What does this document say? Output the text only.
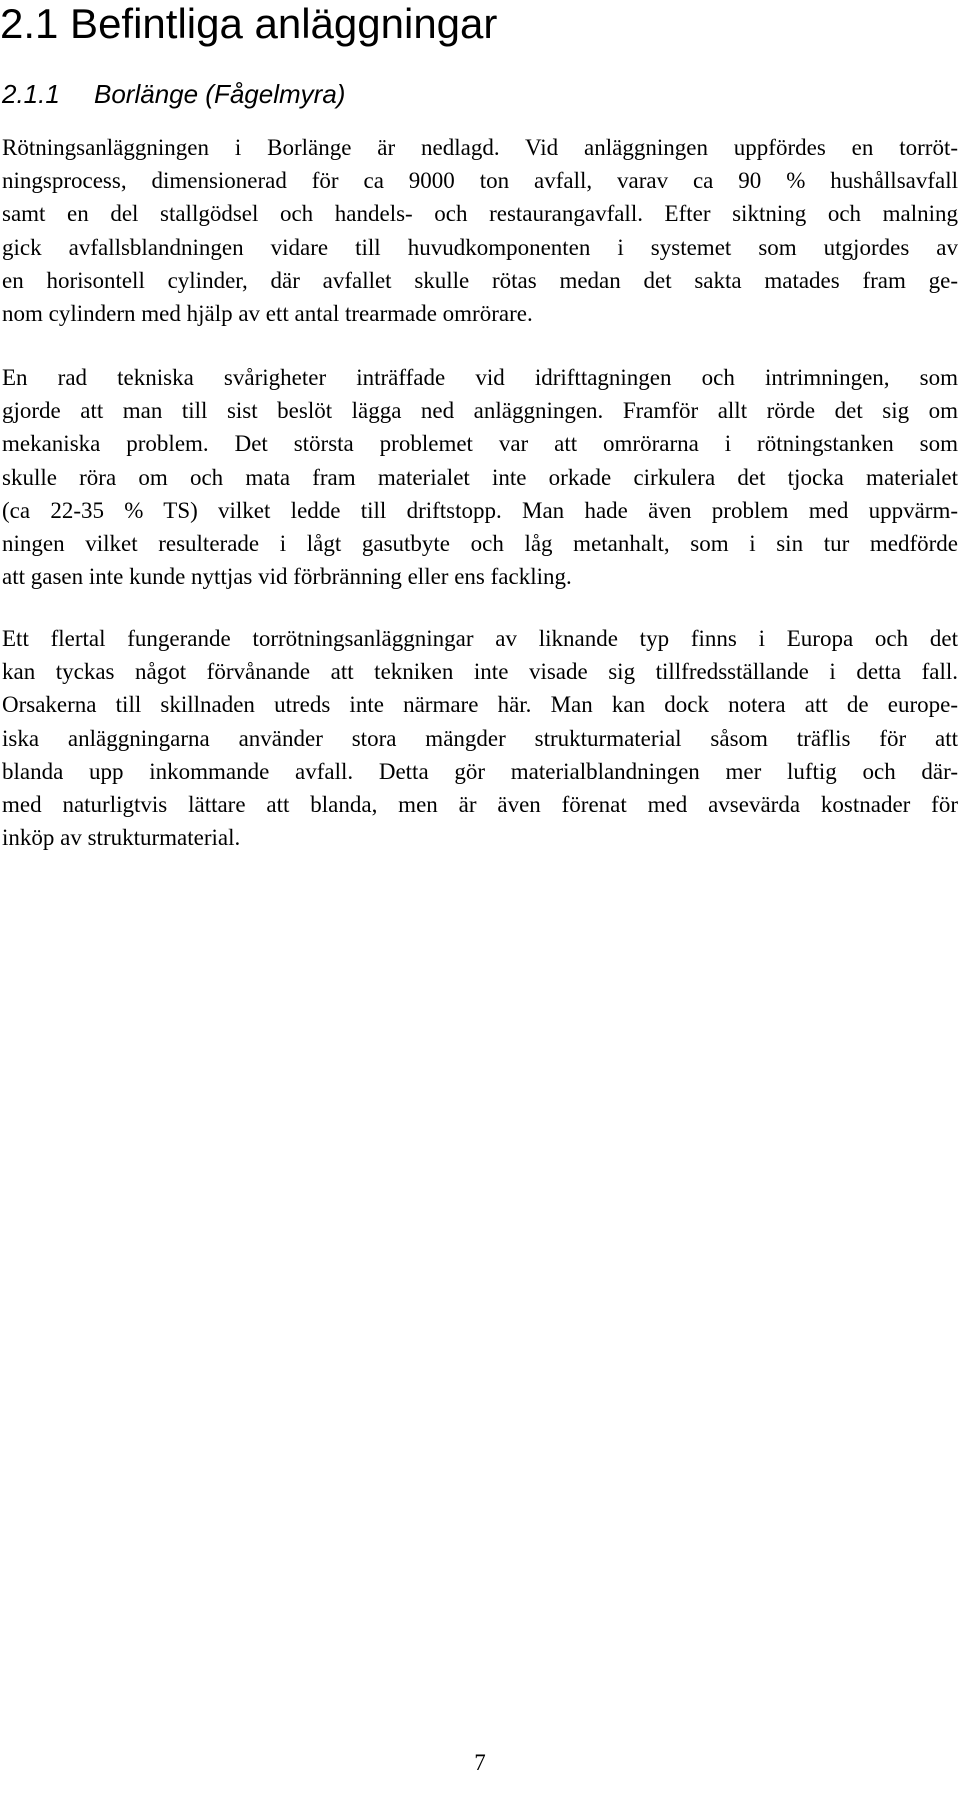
2.1 Befintliga anläggningar
2.1.1 Borlänge (Fågelmyra)

Rötningsanläggningen i Borlänge är nedlagd. Vid anläggningen uppfördes en torröt-
ningsprocess, dimensionerad för ca 9000 ton avfall, varav ca 90 % hushållsavfall
samt en del stallgödsel och handels- och restaurangavfall. Efter siktning och malning
gick avfallsblandningen vidare till huvudkomponenten i systemet som utgjordes av
en horisontell cylinder, där avfallet skulle rötas medan det sakta matades fram ge-
nom cylindern med hjälp av ett antal trearmade omrörare.

En rad tekniska svårigheter inträffade vid idrifttagningen och intrimningen, som
gjorde att man till sist beslöt lägga ned anläggningen. Framför allt rörde det sig om
mekaniska problem. Det största problemet var att omrörarna i rötningstanken som
skulle röra om och mata fram materialet inte orkade cirkulera det tjocka materialet
(ca 22-35 % TS) vilket ledde till driftstopp. Man hade även problem med uppvärm-
ningen vilket resulterade i lågt gasutbyte och låg metanhalt, som i sin tur medförde
att gasen inte kunde nyttjas vid förbränning eller ens fackling.

Ett flertal fungerande torrötningsanläggningar av liknande typ finns i Europa och det
kan tyckas något förvånande att tekniken inte visade sig tillfredsställande i detta fall.
Orsakerna till skillnaden utreds inte närmare här. Man kan dock notera att de europe-
iska anläggningarna använder stora mängder strukturmaterial såsom träflis för att
blanda upp inkommande avfall. Detta gör materialblandningen mer luftig och där-
med naturligtvis lättare att blanda, men är även förenat med avsevärda kostnader för
inköp av strukturmaterial.

7
